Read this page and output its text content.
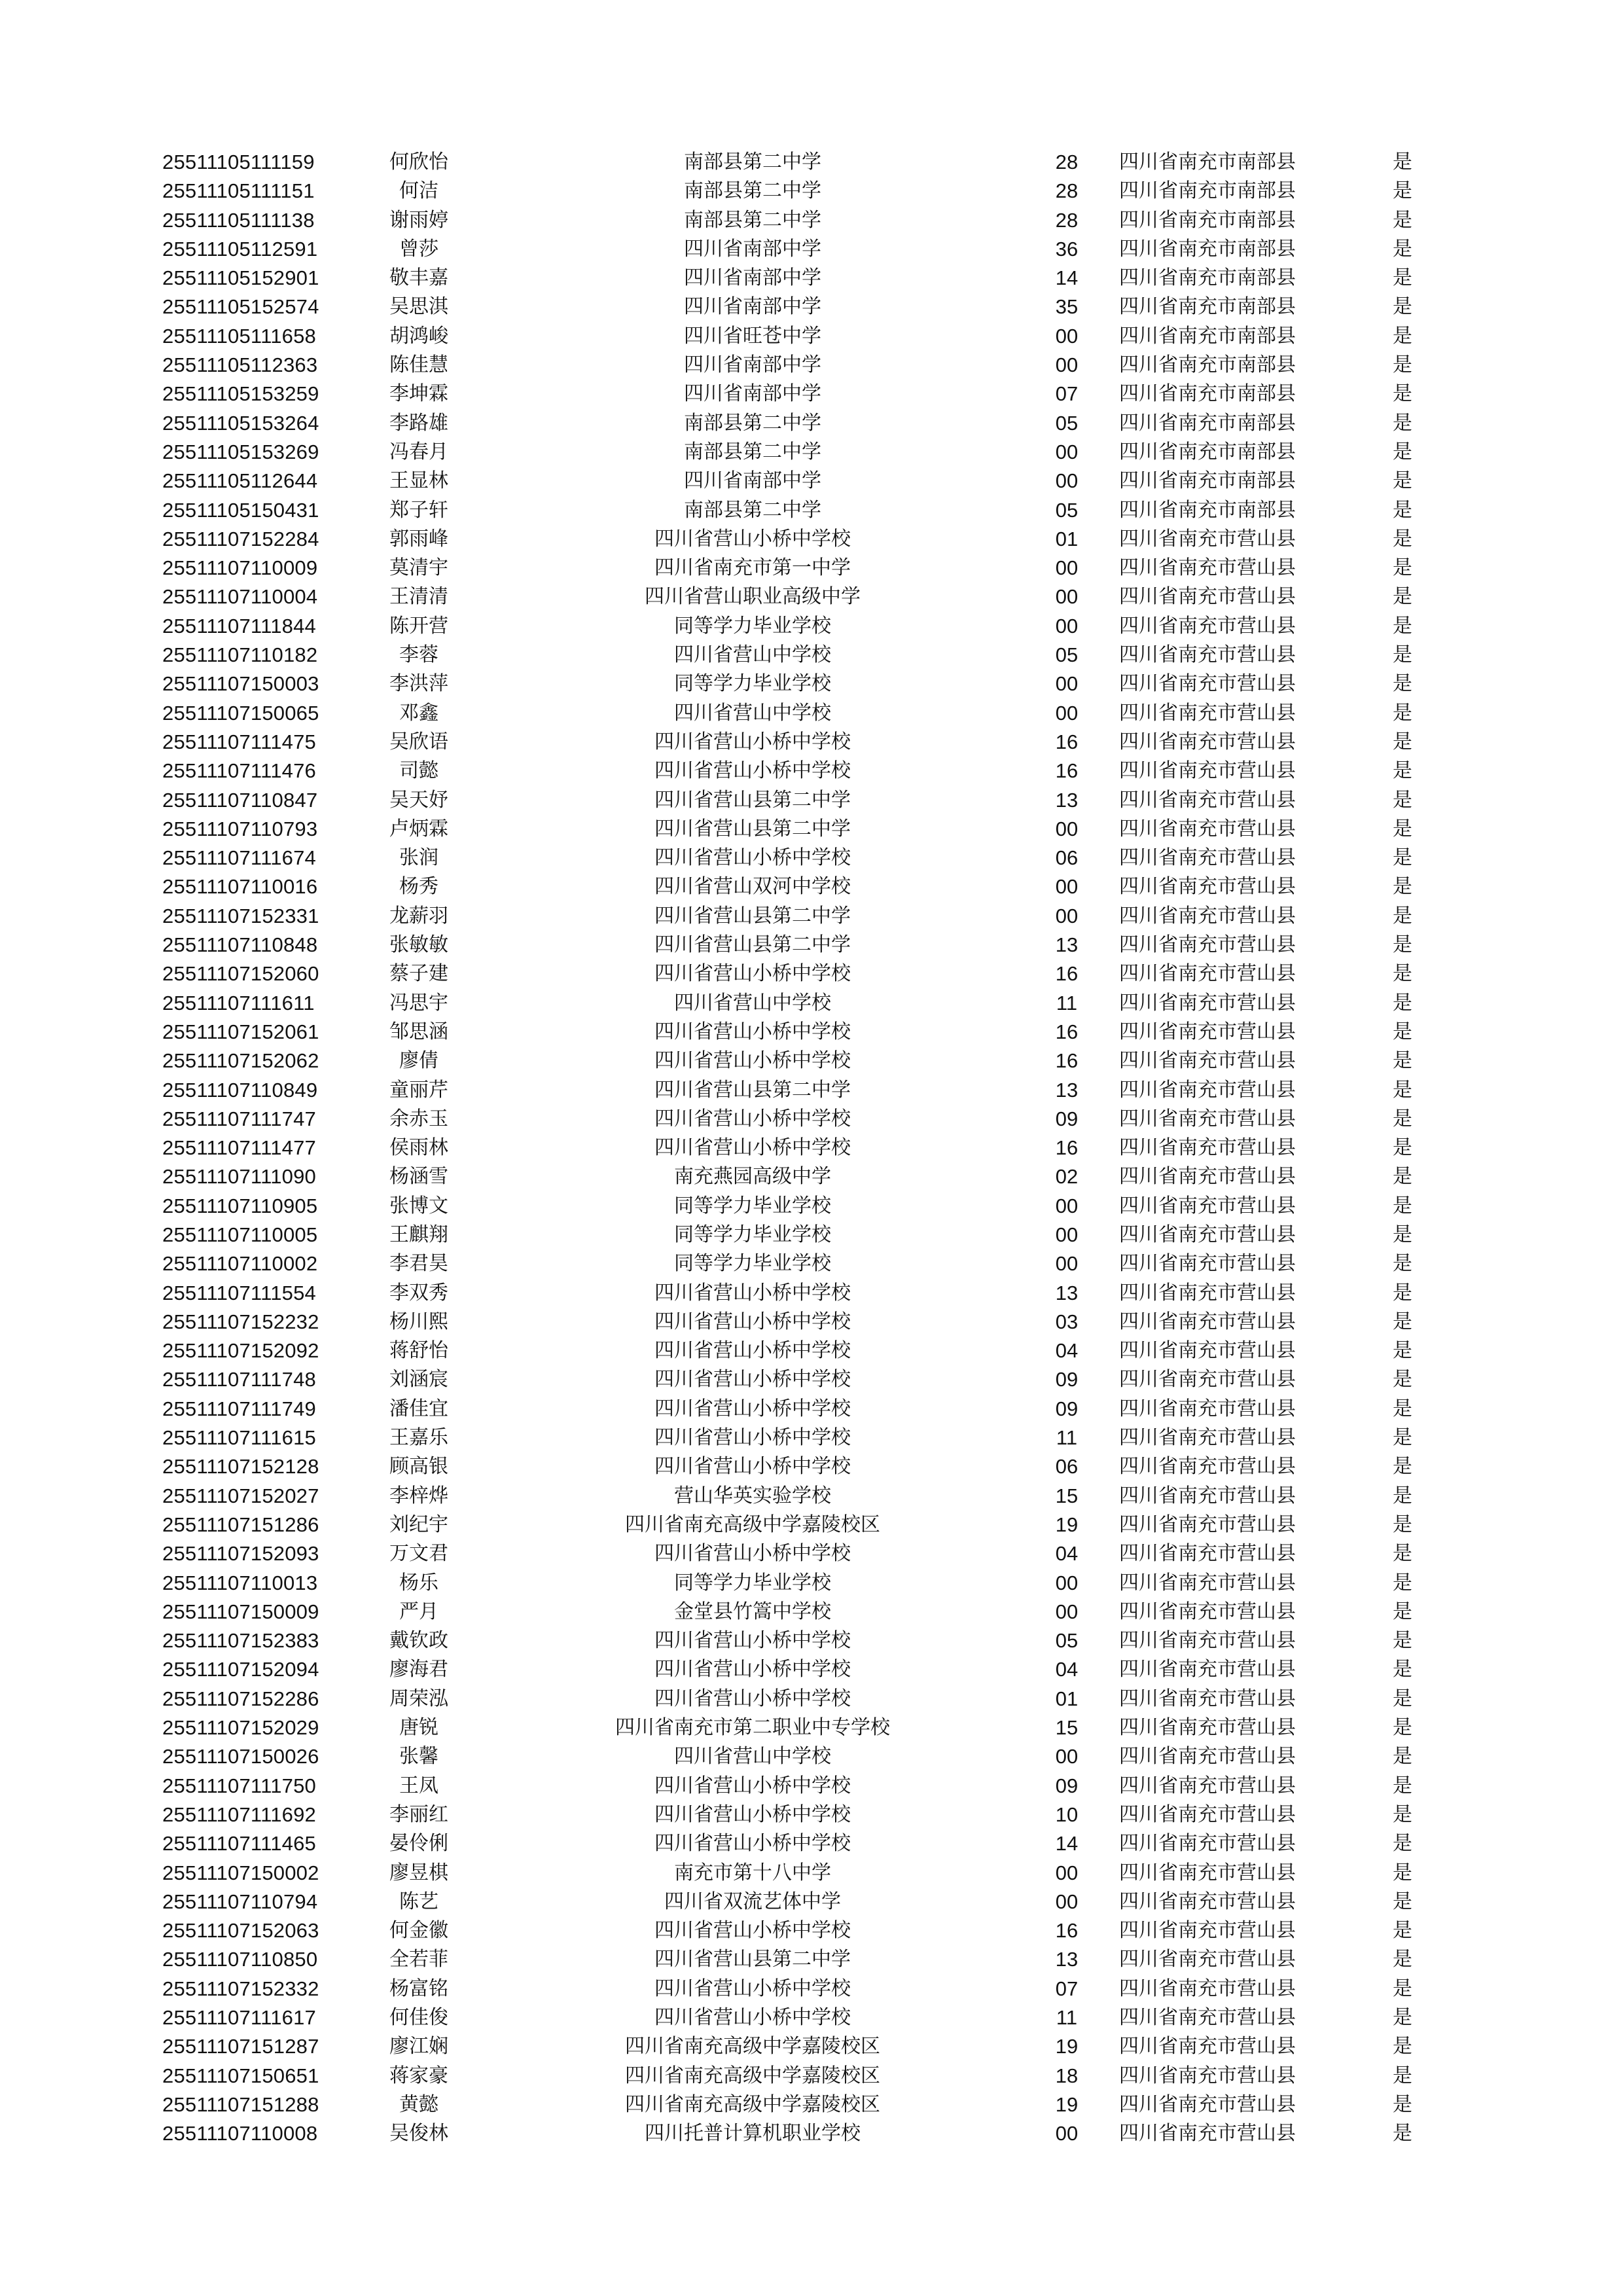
25511105111159	何欣怡	南部县第二中学	28	四川省南充市南部县	是
25511105111151	何洁	南部县第二中学	28	四川省南充市南部县	是
25511105111138	谢雨婷	南部县第二中学	28	四川省南充市南部县	是
25511105112591	曾莎	四川省南部中学	36	四川省南充市南部县	是
25511105152901	敬丰嘉	四川省南部中学	14	四川省南充市南部县	是
25511105152574	吴思淇	四川省南部中学	35	四川省南充市南部县	是
25511105111658	胡鸿峻	四川省旺苍中学	00	四川省南充市南部县	是
25511105112363	陈佳慧	四川省南部中学	00	四川省南充市南部县	是
25511105153259	李坤霖	四川省南部中学	07	四川省南充市南部县	是
25511105153264	李路雄	南部县第二中学	05	四川省南充市南部县	是
25511105153269	冯春月	南部县第二中学	00	四川省南充市南部县	是
25511105112644	王显林	四川省南部中学	00	四川省南充市南部县	是
25511105150431	郑子轩	南部县第二中学	05	四川省南充市南部县	是
25511107152284	郭雨峰	四川省营山小桥中学校	01	四川省南充市营山县	是
25511107110009	莫清宇	四川省南充市第一中学	00	四川省南充市营山县	是
25511107110004	王清清	四川省营山职业高级中学	00	四川省南充市营山县	是
25511107111844	陈开营	同等学力毕业学校	00	四川省南充市营山县	是
25511107110182	李蓉	四川省营山中学校	05	四川省南充市营山县	是
25511107150003	李洪萍	同等学力毕业学校	00	四川省南充市营山县	是
25511107150065	邓鑫	四川省营山中学校	00	四川省南充市营山县	是
25511107111475	吴欣语	四川省营山小桥中学校	16	四川省南充市营山县	是
25511107111476	司懿	四川省营山小桥中学校	16	四川省南充市营山县	是
25511107110847	吴天妤	四川省营山县第二中学	13	四川省南充市营山县	是
25511107110793	卢炳霖	四川省营山县第二中学	00	四川省南充市营山县	是
25511107111674	张润	四川省营山小桥中学校	06	四川省南充市营山县	是
25511107110016	杨秀	四川省营山双河中学校	00	四川省南充市营山县	是
25511107152331	龙薪羽	四川省营山县第二中学	00	四川省南充市营山县	是
25511107110848	张敏敏	四川省营山县第二中学	13	四川省南充市营山县	是
25511107152060	蔡子建	四川省营山小桥中学校	16	四川省南充市营山县	是
25511107111611	冯思宇	四川省营山中学校	11	四川省南充市营山县	是
25511107152061	邹思涵	四川省营山小桥中学校	16	四川省南充市营山县	是
25511107152062	廖倩	四川省营山小桥中学校	16	四川省南充市营山县	是
25511107110849	童丽芹	四川省营山县第二中学	13	四川省南充市营山县	是
25511107111747	余赤玉	四川省营山小桥中学校	09	四川省南充市营山县	是
25511107111477	侯雨林	四川省营山小桥中学校	16	四川省南充市营山县	是
25511107111090	杨涵雪	南充燕园高级中学	02	四川省南充市营山县	是
25511107110905	张博文	同等学力毕业学校	00	四川省南充市营山县	是
25511107110005	王麒翔	同等学力毕业学校	00	四川省南充市营山县	是
25511107110002	李君昊	同等学力毕业学校	00	四川省南充市营山县	是
25511107111554	李双秀	四川省营山小桥中学校	13	四川省南充市营山县	是
25511107152232	杨川熙	四川省营山小桥中学校	03	四川省南充市营山县	是
25511107152092	蒋舒怡	四川省营山小桥中学校	04	四川省南充市营山县	是
25511107111748	刘涵宸	四川省营山小桥中学校	09	四川省南充市营山县	是
25511107111749	潘佳宜	四川省营山小桥中学校	09	四川省南充市营山县	是
25511107111615	王嘉乐	四川省营山小桥中学校	11	四川省南充市营山县	是
25511107152128	顾高银	四川省营山小桥中学校	06	四川省南充市营山县	是
25511107152027	李梓烨	营山华英实验学校	15	四川省南充市营山县	是
25511107151286	刘纪宇	四川省南充高级中学嘉陵校区	19	四川省南充市营山县	是
25511107152093	万文君	四川省营山小桥中学校	04	四川省南充市营山县	是
25511107110013	杨乐	同等学力毕业学校	00	四川省南充市营山县	是
25511107150009	严月	金堂县竹篙中学校	00	四川省南充市营山县	是
25511107152383	戴钦政	四川省营山小桥中学校	05	四川省南充市营山县	是
25511107152094	廖海君	四川省营山小桥中学校	04	四川省南充市营山县	是
25511107152286	周荣泓	四川省营山小桥中学校	01	四川省南充市营山县	是
25511107152029	唐锐	四川省南充市第二职业中专学校	15	四川省南充市营山县	是
25511107150026	张馨	四川省营山中学校	00	四川省南充市营山县	是
25511107111750	王凤	四川省营山小桥中学校	09	四川省南充市营山县	是
25511107111692	李丽红	四川省营山小桥中学校	10	四川省南充市营山县	是
25511107111465	晏伶俐	四川省营山小桥中学校	14	四川省南充市营山县	是
25511107150002	廖昱棋	南充市第十八中学	00	四川省南充市营山县	是
25511107110794	陈艺	四川省双流艺体中学	00	四川省南充市营山县	是
25511107152063	何金徽	四川省营山小桥中学校	16	四川省南充市营山县	是
25511107110850	全若菲	四川省营山县第二中学	13	四川省南充市营山县	是
25511107152332	杨富铭	四川省营山小桥中学校	07	四川省南充市营山县	是
25511107111617	何佳俊	四川省营山小桥中学校	11	四川省南充市营山县	是
25511107151287	廖江娴	四川省南充高级中学嘉陵校区	19	四川省南充市营山县	是
25511107150651	蒋家豪	四川省南充高级中学嘉陵校区	18	四川省南充市营山县	是
25511107151288	黄懿	四川省南充高级中学嘉陵校区	19	四川省南充市营山县	是
25511107110008	吴俊林	四川托普计算机职业学校	00	四川省南充市营山县	是
